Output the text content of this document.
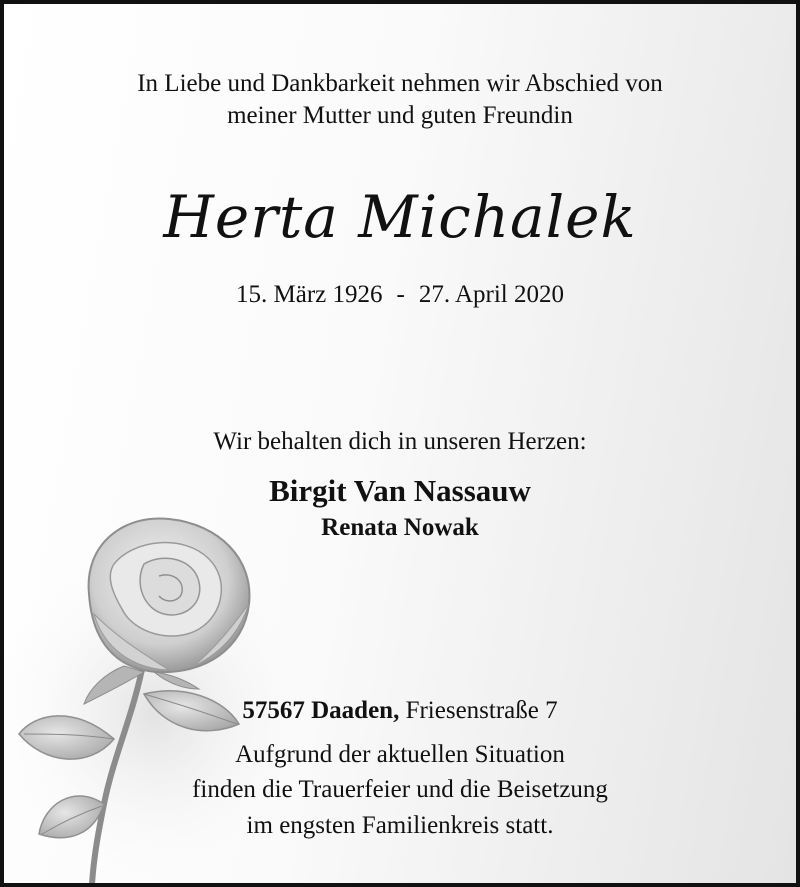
In Liebe und Dankbarkeit nehmen wir Abschied von
meiner Mutter und guten Freundin
Herta Michalek
15. März 1926 - 27. April 2020
Wir behalten dich in unseren Herzen:
Birgit Van Nassauw
Renata Nowak
57567 Daaden, Friesenstraße 7
Aufgrund der aktuellen Situation
finden die Trauerfeier und die Beisetzung
im engsten Familienkreis statt.
